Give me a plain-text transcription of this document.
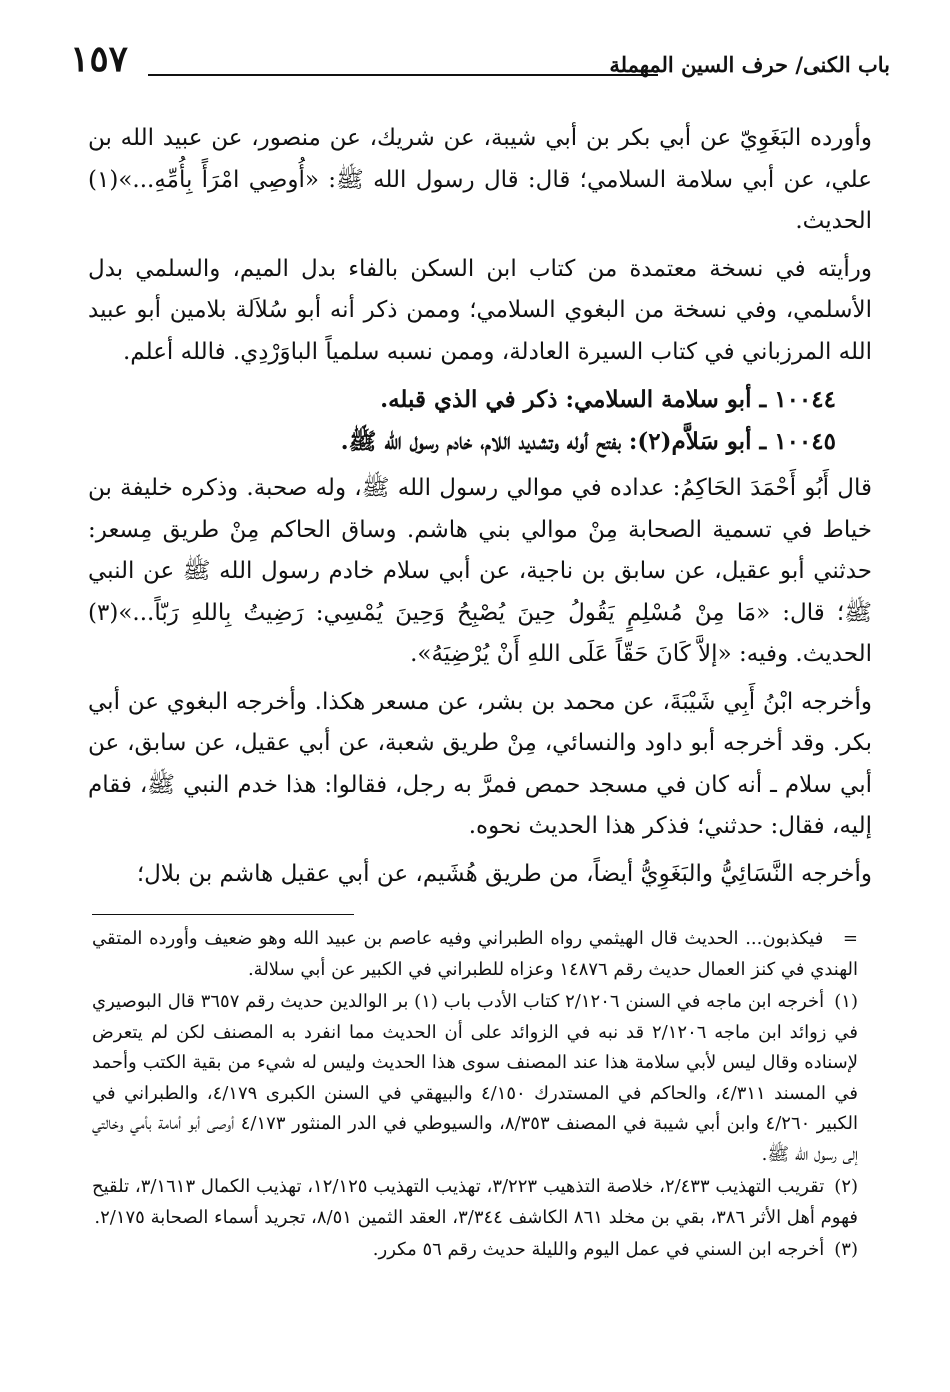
باب الكنى/ حرف السين المهملة
١٥٧

وأورده البَغَوِيّ عن أبي بكر بن أبي شيبة، عن شريك، عن منصور، عن عبيد الله بن علي، عن أبي سلامة السلامي؛ قال: قال رسول الله ﷺ: «أُوصِي امْرَأً بِأُمِّهِ...»(١) الحديث.

ورأيته في نسخة معتمدة من كتاب ابن السكن بالفاء بدل الميم، والسلمي بدل الأسلمي، وفي نسخة من البغوي السلامي؛ وممن ذكر أنه أبو سُلاَلة بلامين أبو عبيد الله المرزباني في كتاب السيرة العادلة، وممن نسبه سلمياً الباوَرْدِي. فالله أعلم.

١٠٠٤٤ ـ أبو سلامة السلامي: ذكر في الذي قبله.

١٠٠٤٥ ـ أبو سَلاَّم(٢): بفتح أوله وتشديد اللام، خادم رسول الله ﷺ.

قال أَبُو أَحْمَدَ الحَاكِمُ: عداده في موالي رسول الله ﷺ، وله صحبة. وذكره خليفة بن خياط في تسمية الصحابة مِنْ موالي بني هاشم. وساق الحاكم مِنْ طريق مِسعر: حدثني أبو عقيل، عن سابق بن ناجية، عن أبي سلام خادم رسول الله ﷺ عن النبي ﷺ؛ قال: «مَا مِنْ مُسْلِمٍ يَقُولُ حِينَ يُصْبِحُ وَحِينَ يُمْسِي: رَضِيتُ بِاللهِ رَبّاً...»(٣) الحديث. وفيه: «إلاَّ كَانَ حَقّاً عَلَى اللهِ أَنْ يُرْضِيَهُ».

وأخرجه ابْنُ أَبِي شَيْبَةَ، عن محمد بن بشر، عن مسعر هكذا. وأخرجه البغوي عن أبي بكر. وقد أخرجه أبو داود والنسائي، مِنْ طريق شعبة، عن أبي عقيل، عن سابق، عن أبي سلام ـ أنه كان في مسجد حمص فمرَّ به رجل، فقالوا: هذا خدم النبي ﷺ، فقام إليه، فقال: حدثني؛ فذكر هذا الحديث نحوه.

وأخرجه النَّسَائِيُّ والبَغَوِيُّ أيضاً، من طريق هُشَيم، عن أبي عقيل هاشم بن بلال؛

= فيكذبون... الحديث قال الهيثمي رواه الطبراني وفيه عاصم بن عبيد الله وهو ضعيف وأورده المتقي الهندي في كنز العمال حديث رقم ١٤٨٧٦ وعزاه للطبراني في الكبير عن أبي سلالة.

(١) أخرجه ابن ماجه في السنن ٢/١٢٠٦ كتاب الأدب باب (١) بر الوالدين حديث رقم ٣٦٥٧ قال البوصيري في زوائد ابن ماجه ٢/١٢٠٦ قد نبه في الزوائد على أن الحديث مما انفرد به المصنف لكن لم يتعرض لإسناده وقال ليس لأبي سلامة هذا عند المصنف سوى هذا الحديث وليس له شيء من بقية الكتب وأحمد في المسند ٤/٣١١، والحاكم في المستدرك ٤/١٥٠ والبيهقي في السنن الكبرى ٤/١٧٩، والطبراني في الكبير ٤/٢٦٠ وابن أبي شيبة في المصنف ٨/٣٥٣، والسيوطي في الدر المنثور ٤/١٧٣ أوصى أبو أمامة بأمي وخالتي إلى رسول الله ﷺ.

(٢) تقريب التهذيب ٢/٤٣٣، خلاصة التذهيب ٣/٢٢٣، تهذيب التهذيب ١٢/١٢٥، تهذيب الكمال ٣/١٦١٣، تلقيح فهوم أهل الأثر ٣٨٦، بقي بن مخلد ٨٦١ الكاشف ٣/٣٤٤، العقد الثمين ٨/٥١، تجريد أسماء الصحابة ٢/١٧٥.

(٣) أخرجه ابن السني في عمل اليوم والليلة حديث رقم ٥٦ مكرر.
